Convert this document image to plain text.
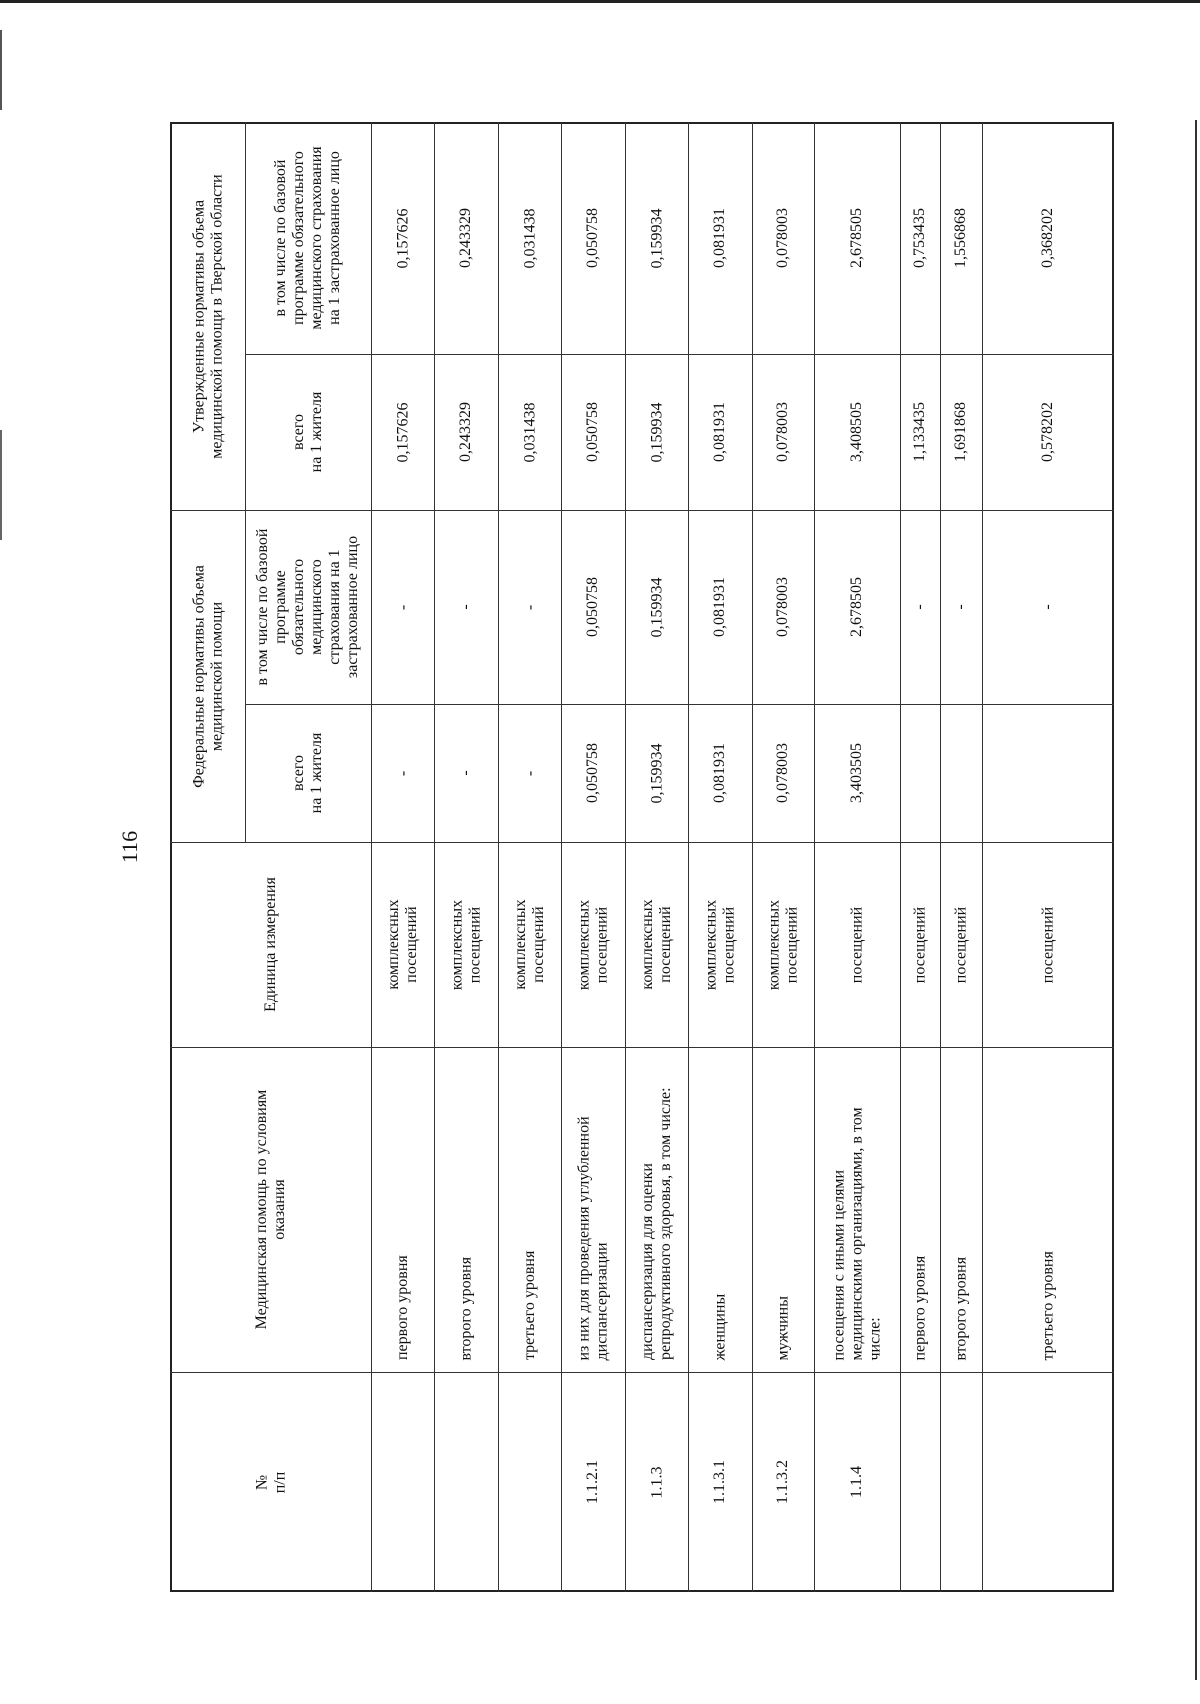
116
Утвержденные нормативы объема
медицинской помощи в Тверской области
в том числе по базовой
программе обязательного
медицинского страхования
на 1 застрахованное лицо
всего
на 1 жителя
Федеральные нормативы объема
медицинской помощи
в том числе по базовой
программе
обязательного
медицинского
страхования на 1
застрахованное лицо
всего
на 1 жителя
Единица измерения
Медицинская помощь по условиям
оказания
№
п/п
0,157626
0,157626
-
-
комплексных
посещений
первого уровня
0,243329
0,243329
-
-
комплексных
посещений
второго уровня
0,031438
0,031438
-
-
комплексных
посещений
третьего уровня
0,050758
0,050758
0,050758
0,050758
комплексных
посещений
из них для проведения углубленной
диспансеризации
1.1.2.1
0,159934
0,159934
0,159934
0,159934
комплексных
посещений
диспансеризация для оценки
репродуктивного здоровья, в том числе:
1.1.3
0,081931
0,081931
0,081931
0,081931
комплексных
посещений
женщины
1.1.3.1
0,078003
0,078003
0,078003
0,078003
комплексных
посещений
мужчины
1.1.3.2
2,678505
3,408505
2,678505
3,403505
посещений
посещения с иными целями
медицинскими организациями, в том
числе:
1.1.4
0,753435
1,133435
-
посещений
первого уровня
1,556868
1,691868
-
посещений
второго уровня
0,368202
0,578202
-
посещений
третьего уровня
